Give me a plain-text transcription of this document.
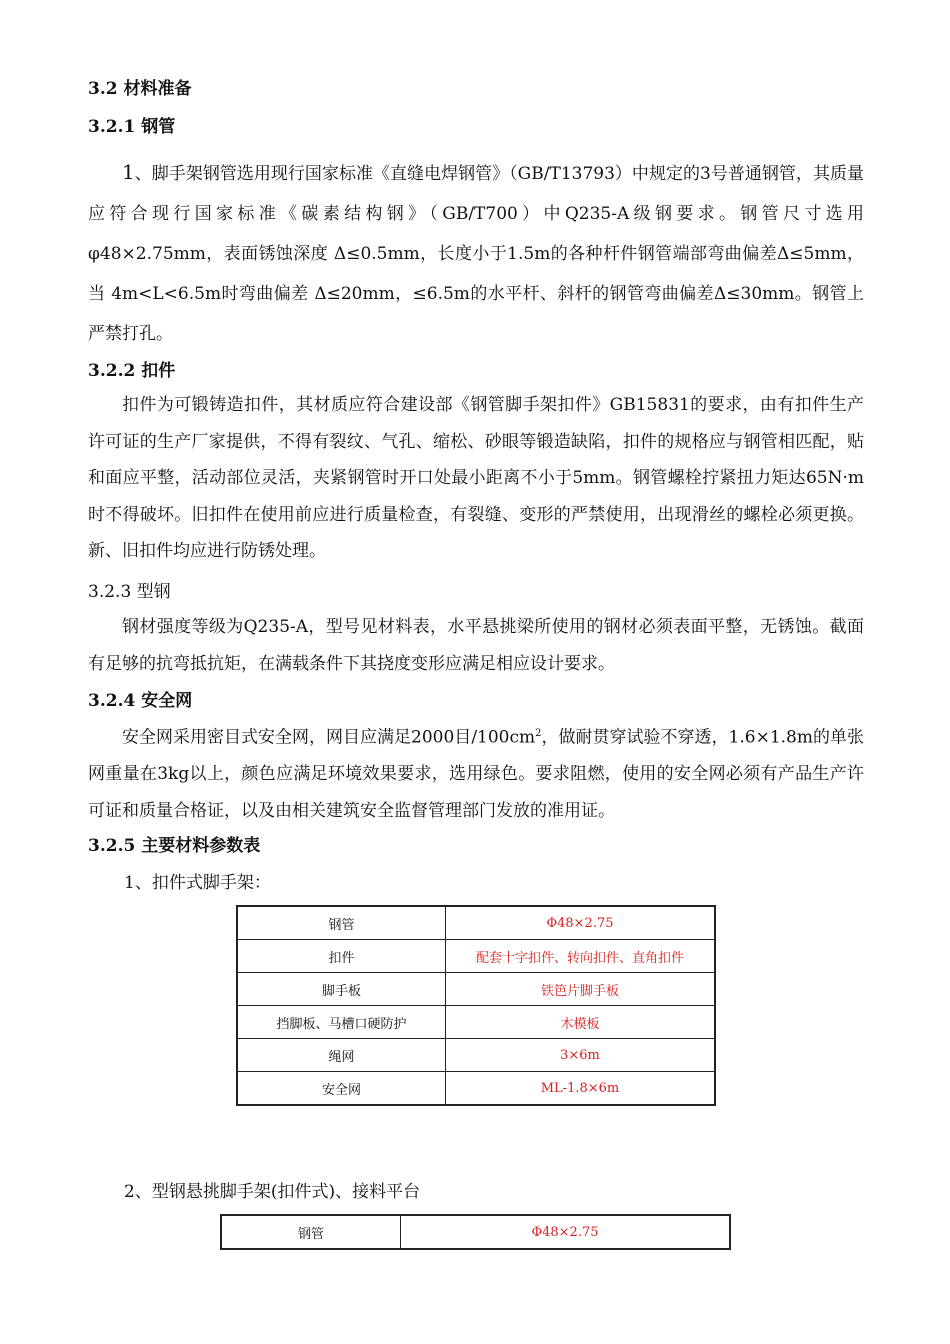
3.2 材料准备
3.2.1 钢管

1、脚手架钢管选用现行国家标准《直缝电焊钢管》（GB/T13793）中规定的3号普通钢管，其质量应符合现行国家标准《碳素结构钢》（GB/T700）中Q235-A级钢要求。钢管尺寸选用 φ48×2.75mm，表面锈蚀深度 Δ≤0.5mm，长度小于1.5m的各种杆件钢管端部弯曲偏差Δ≤5mm，当 4m<L<6.5m时弯曲偏差 Δ≤20mm，≤6.5m的水平杆、斜杆的钢管弯曲偏差Δ≤30mm。钢管上严禁打孔。

3.2.2 扣件

扣件为可锻铸造扣件，其材质应符合建设部《钢管脚手架扣件》GB15831的要求，由有扣件生产许可证的生产厂家提供，不得有裂纹、气孔、缩松、砂眼等锻造缺陷，扣件的规格应与钢管相匹配，贴和面应平整，活动部位灵活，夹紧钢管时开口处最小距离不小于5mm。钢管螺栓拧紧扭力矩达65N·m时不得破坏。旧扣件在使用前应进行质量检查，有裂缝、变形的严禁使用，出现滑丝的螺栓必须更换。新、旧扣件均应进行防锈处理。

3.2.3 型钢

钢材强度等级为Q235-A，型号见材料表，水平悬挑梁所使用的钢材必须表面平整，无锈蚀。截面有足够的抗弯抵抗矩，在满载条件下其挠度变形应满足相应设计要求。

3.2.4 安全网

安全网采用密目式安全网，网目应满足2000目$/100cm^2$，做耐贯穿试验不穿透，1.6×1.8m的单张网重量在3kg以上，颜色应满足环境效果要求，选用绿色。要求阻燃，使用的安全网必须有产品生产许可证和质量合格证，以及由相关建筑安全监督管理部门发放的准用证。

3.2.5 主要材料参数表
1、扣件式脚手架：
钢管	Φ48×2.75
扣件	配套十字扣件、转向扣件、直角扣件
脚手板	铁笆片脚手板
挡脚板、马槽口硬防护	木模板
绳网	3×6m
安全网	ML-1.8×6m
2、型钢悬挑脚手架(扣件式)、接料平台
钢管	Φ48×2.75
